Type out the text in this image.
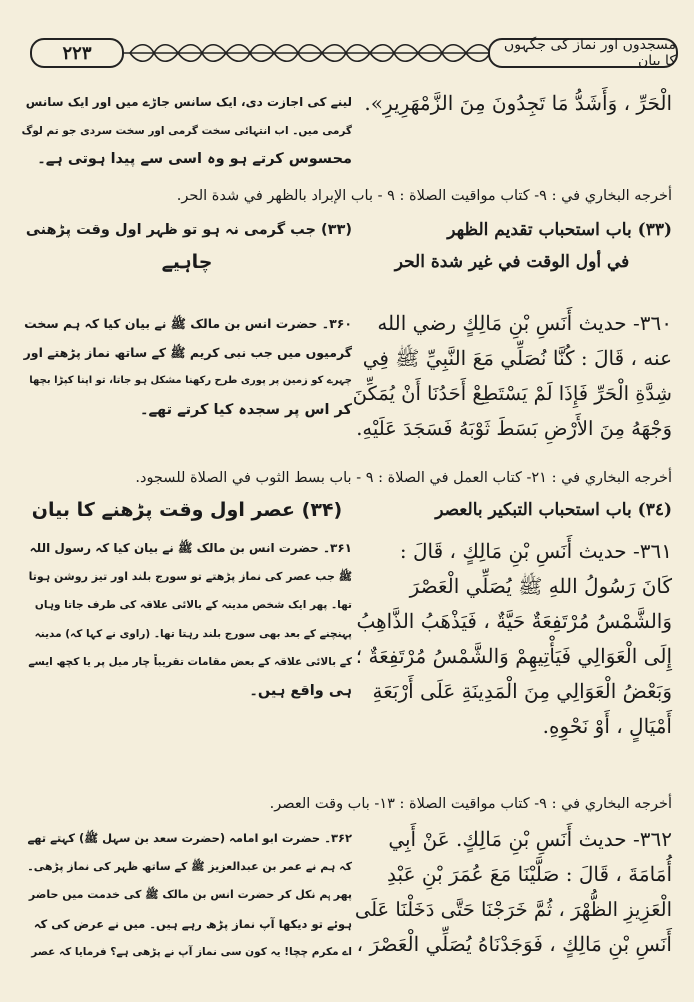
٢٢٣	مسجدوں اور نماز کی جگہوں کا بیان
الْحَرِّ ، وَأَشَدُّ مَا تَجِدُونَ مِنَ الزَّمْهَرِيرِ».
لینے کی اجازت دی، ایک سانس جاڑے میں اور ایک سانس
گرمی میں۔ اب انتہائی سخت گرمی اور سخت سردی جو تم لوگ
محسوس کرتے ہو وہ اسی سے پیدا ہوتی ہے۔
أخرجه البخاري في : ٩- كتاب مواقيت الصلاة : ٩ - باب الإبراد بالظهر في شدة الحر.
(٣٣) باب استحباب تقديم الظهر
في أول الوقت في غير شدة الحر
(۳۳) جب گرمی نہ ہو تو ظہر اول وقت پڑھنی
چاہیے
٣٦٠- حديث أَنَسِ بْنِ مَالِكٍ رضي الله
عنه ، قَالَ : كُنَّا نُصَلِّي مَعَ النَّبِيِّ ﷺ فِي
شِدَّةِ الْحَرِّ فَإِذَا لَمْ يَسْتَطِعْ أَحَدُنَا أَنْ يُمَكِّنَ
وَجْهَهُ مِنَ الأَرْضِ بَسَطَ ثَوْبَهُ فَسَجَدَ عَلَيْهِ.
۳۶۰۔ حضرت انس بن مالک ﷺ نے بیان کیا کہ ہم سخت
گرمیوں میں جب نبی کریم ﷺ کے ساتھ نماز پڑھتے اور
چہرے کو زمین پر پوری طرح رکھنا مشکل ہو جاتا، تو اپنا کپڑا بچھا
کر اس پر سجدہ کیا کرتے تھے۔
أخرجه البخاري في : ٢١- كتاب العمل في الصلاة : ٩ - باب بسط الثوب في الصلاة للسجود.
(٣٤) باب استحباب التبكير بالعصر
(۳۴) عصر اول وقت پڑھنے کا بیان
٣٦١- حديث أَنَسِ بْنِ مَالِكٍ ، قَالَ :
كَانَ رَسُولُ اللهِ ﷺ يُصَلِّي الْعَصْرَ
وَالشَّمْسُ مُرْتَفِعَةٌ حَيَّةٌ ، فَيَذْهَبُ الذَّاهِبُ
إِلَى الْعَوَالِي فَيَأْتِيهِمْ وَالشَّمْسُ مُرْتَفِعَةٌ ؛
وَبَعْضُ الْعَوَالِي مِنَ الْمَدِينَةِ عَلَى أَرْبَعَةِ
أَمْيَالٍ ، أَوْ نَحْوِهِ.
۳۶۱۔ حضرت انس بن مالک ﷺ نے بیان کیا کہ رسول اللہ
ﷺ جب عصر کی نماز پڑھتے تو سورج بلند اور تیز روشن ہوتا
تھا۔ پھر ایک شخص مدینہ کے بالائی علاقہ کی طرف جاتا وہاں
پہنچنے کے بعد بھی سورج بلند رہتا تھا۔ (راوی نے کہا کہ) مدینہ
کے بالائی علاقہ کے بعض مقامات تقریباً چار میل پر یا کچھ ایسے
ہی واقع ہیں۔
أخرجه البخاري في : ٩- كتاب مواقيت الصلاة : ١٣- باب وقت العصر.
٣٦٢- حديث أَنَسِ بْنِ مَالِكٍ. عَنْ أَبِي
أُمَامَةَ ، قَالَ : صَلَّيْنَا مَعَ عُمَرَ بْنِ عَبْدِ
الْعَزِيزِ الظُّهْرَ ، ثُمَّ خَرَجْنَا حَتَّى دَخَلْنَا عَلَى
أَنَسِ بْنِ مَالِكٍ ، فَوَجَدْنَاهُ يُصَلِّي الْعَصْرَ ،
۳۶۲۔ حضرت ابو امامہ (حضرت سعد بن سہل ﷺ) کہتے تھے
کہ ہم نے عمر بن عبدالعزیز ﷺ کے ساتھ ظہر کی نماز پڑھی۔
پھر ہم نکل کر حضرت انس بن مالک ﷺ کی خدمت میں حاضر
ہوئے تو دیکھا آپ نماز پڑھ رہے ہیں۔ میں نے عرض کی کہ
اے مکرم چچا! یہ کون سی نماز آپ نے پڑھی ہے؟ فرمایا کہ عصر
